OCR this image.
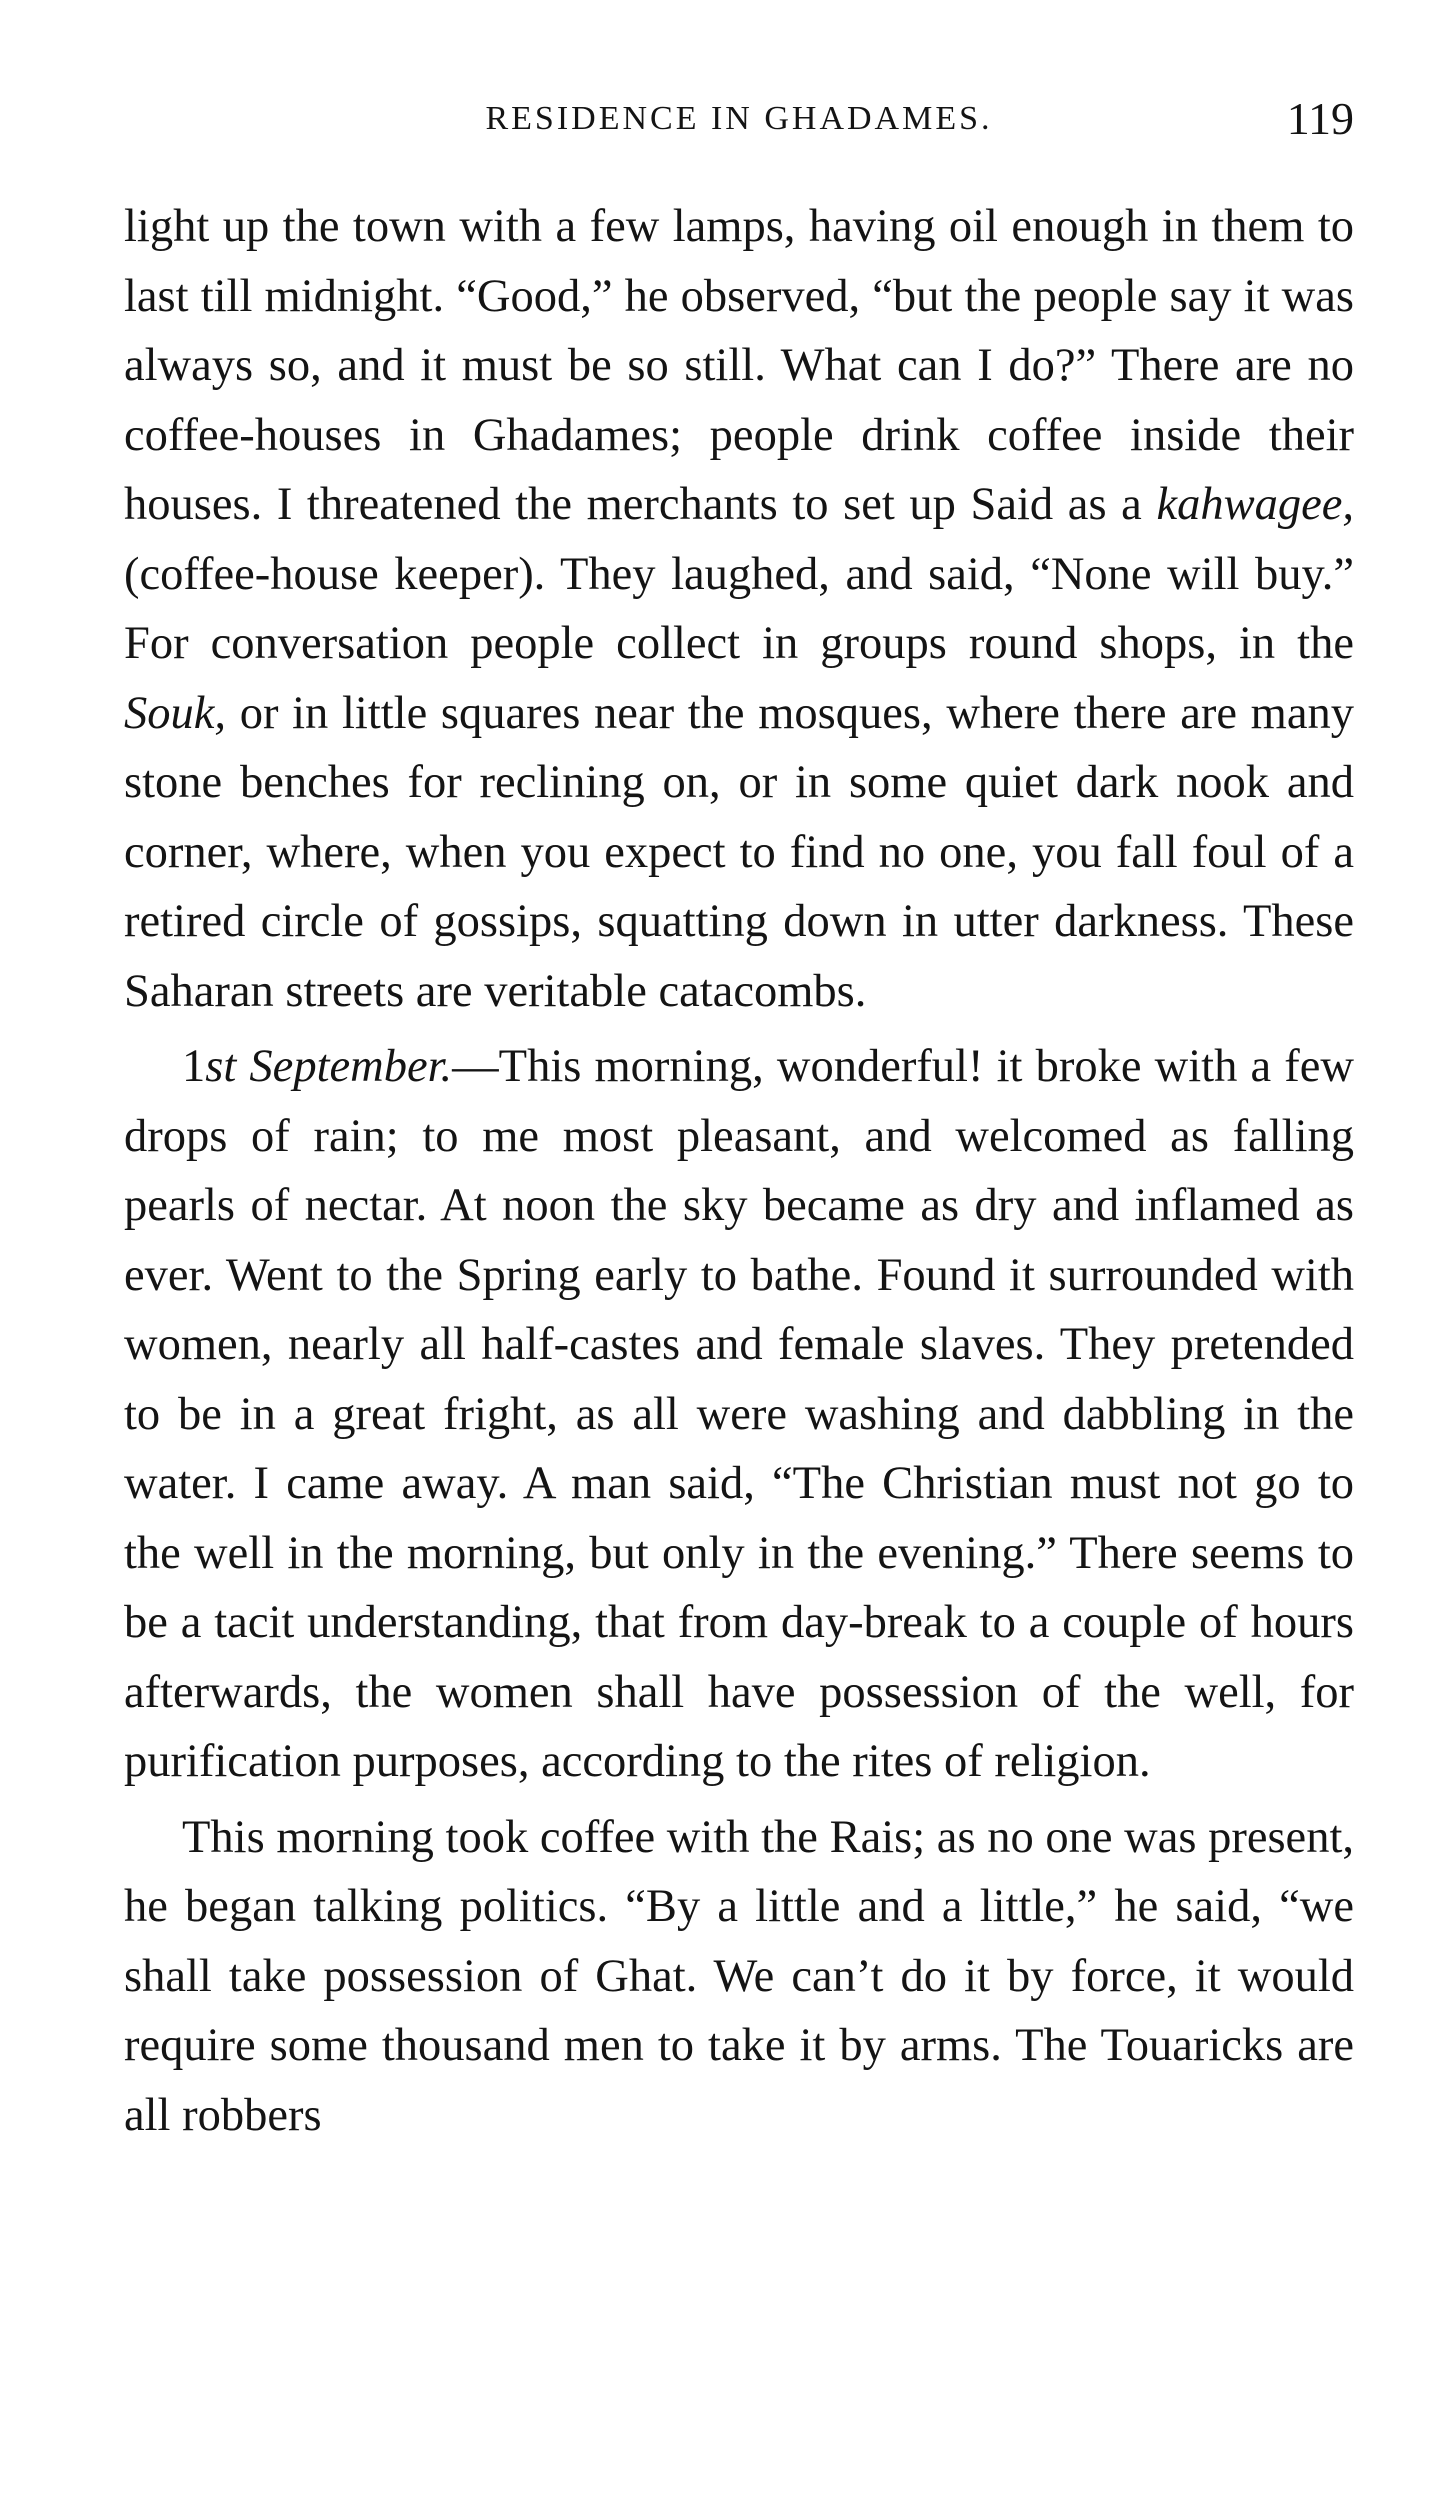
RESIDENCE IN GHADAMES.	119

light up the town with a few lamps, having oil enough in them to last till midnight. “Good,” he observed, “but the people say it was always so, and it must be so still. What can I do?” There are no coffee-houses in Ghadames; people drink coffee inside their houses. I threatened the merchants to set up Said as a kahwagee, (coffee-house keeper). They laughed, and said, “None will buy.” For conversation people collect in groups round shops, in the Souk, or in little squares near the mosques, where there are many stone benches for reclining on, or in some quiet dark nook and corner, where, when you expect to find no one, you fall foul of a retired circle of gossips, squatting down in utter darkness. These Saharan streets are veritable catacombs.

1st September.—This morning, wonderful! it broke with a few drops of rain; to me most pleasant, and welcomed as falling pearls of nectar. At noon the sky became as dry and inflamed as ever. Went to the Spring early to bathe. Found it surrounded with women, nearly all half-castes and female slaves. They pretended to be in a great fright, as all were washing and dabbling in the water. I came away. A man said, “The Christian must not go to the well in the morning, but only in the evening.” There seems to be a tacit understanding, that from day-break to a couple of hours afterwards, the women shall have possession of the well, for purification purposes, according to the rites of religion.

This morning took coffee with the Rais; as no one was present, he began talking politics. “By a little and a little,” he said, “we shall take possession of Ghat. We can’t do it by force, it would require some thousand men to take it by arms. The Touaricks are all robbers
